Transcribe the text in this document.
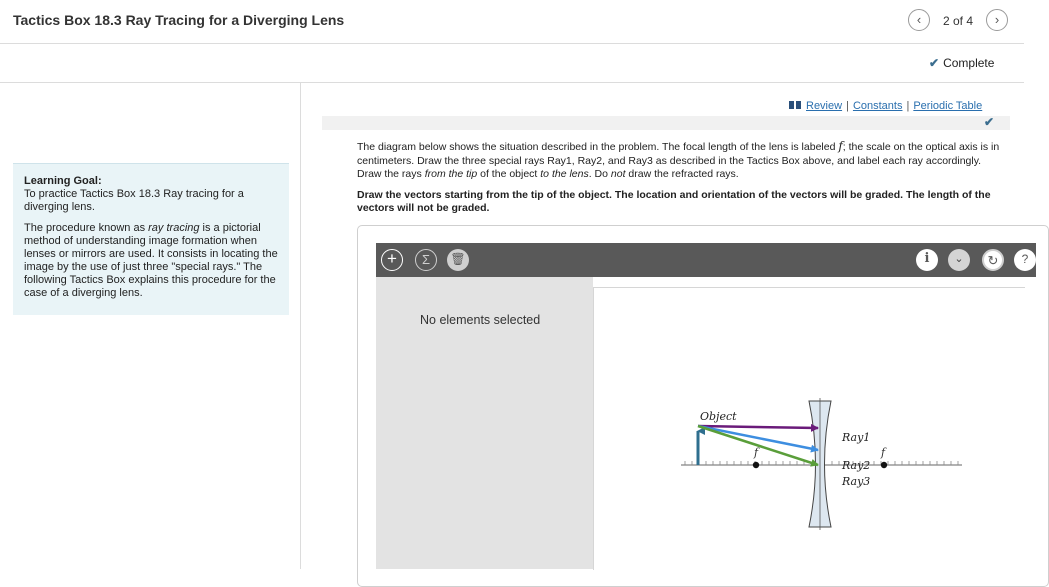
Tactics Box 18.3 Ray Tracing for a Diverging Lens	‹	2 of 4	›
✔ Complete

Learning Goal:
To practice Tactics Box 18.3 Ray tracing for a diverging lens.

The procedure known as ray tracing is a pictorial method of understanding image formation when lenses or mirrors are used. It consists in locating the image by the use of just three "special rays." The following Tactics Box explains this procedure for the case of a diverging lens.

Review | Constants | Periodic Table
✔

The diagram below shows the situation described in the problem. The focal length of the lens is labeled f; the scale on the optical axis is in centimeters. Draw the three special rays Ray1, Ray2, and Ray3 as described in the Tactics Box above, and label each ray accordingly. Draw the rays from the tip of the object to the lens. Do not draw the refracted rays.

Draw the vectors starting from the tip of the object. The location and orientation of the vectors will be graded. The length of the vectors will not be graded.

+	Σ	🗑	i	⌄	↻	?
No elements selected
f	f
Object
Ray1
Ray2
Ray3
